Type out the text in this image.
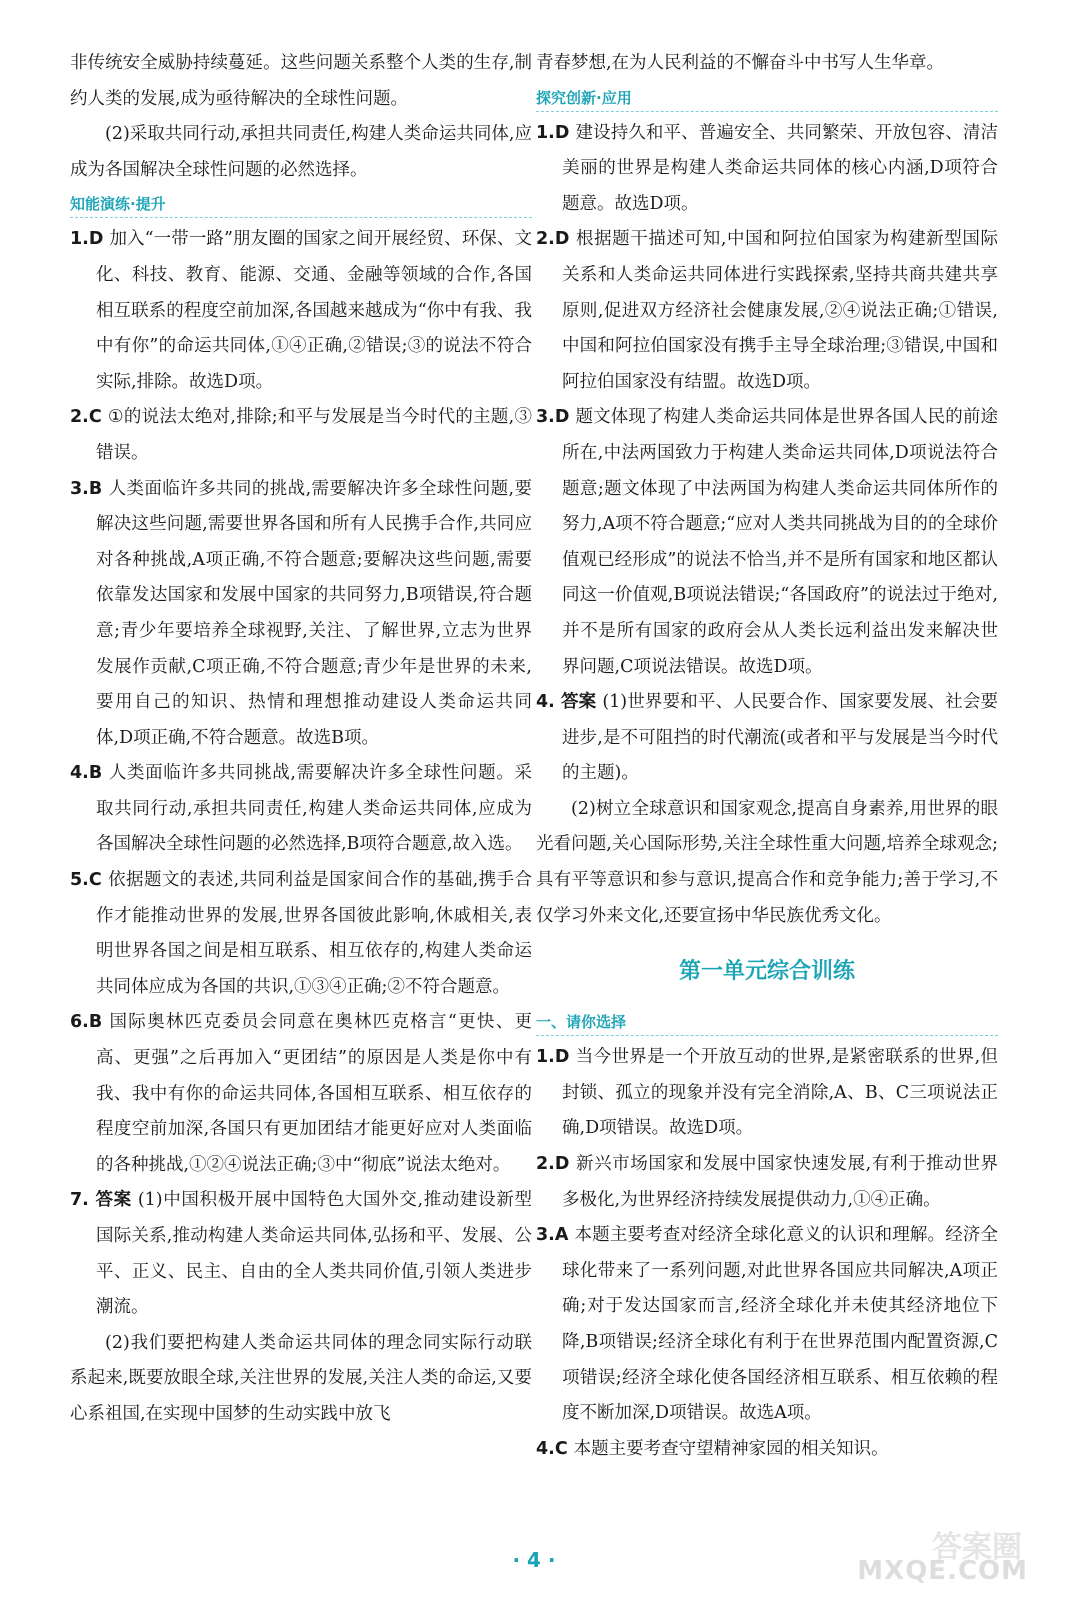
非传统安全威胁持续蔓延。这些问题关系整个人类的生存,制约人类的发展,成为亟待解决的全球性问题。
(2)采取共同行动,承担共同责任,构建人类命运共同体,应成为各国解决全球性问题的必然选择。
知能演练·提升
1.D 加入“一带一路”朋友圈的国家之间开展经贸、环保、文化、科技、教育、能源、交通、金融等领域的合作,各国相互联系的程度空前加深,各国越来越成为“你中有我、我中有你”的命运共同体,①④正确,②错误;③的说法不符合实际,排除。故选D项。
2.C ①的说法太绝对,排除;和平与发展是当今时代的主题,③错误。
3.B 人类面临许多共同的挑战,需要解决许多全球性问题,要解决这些问题,需要世界各国和所有人民携手合作,共同应对各种挑战,A项正确,不符合题意;要解决这些问题,需要依靠发达国家和发展中国家的共同努力,B项错误,符合题意;青少年要培养全球视野,关注、了解世界,立志为世界发展作贡献,C项正确,不符合题意;青少年是世界的未来,要用自己的知识、热情和理想推动建设人类命运共同体,D项正确,不符合题意。故选B项。
4.B 人类面临许多共同挑战,需要解决许多全球性问题。采取共同行动,承担共同责任,构建人类命运共同体,应成为各国解决全球性问题的必然选择,B项符合题意,故入选。
5.C 依据题文的表述,共同利益是国家间合作的基础,携手合作才能推动世界的发展,世界各国彼此影响,休戚相关,表明世界各国之间是相互联系、相互依存的,构建人类命运共同体应成为各国的共识,①③④正确;②不符合题意。
6.B 国际奥林匹克委员会同意在奥林匹克格言“更快、更高、更强”之后再加入“更团结”的原因是人类是你中有我、我中有你的命运共同体,各国相互联系、相互依存的程度空前加深,各国只有更加团结才能更好应对人类面临的各种挑战,①②④说法正确;③中“彻底”说法太绝对。
7. 答案 (1)中国积极开展中国特色大国外交,推动建设新型国际关系,推动构建人类命运共同体,弘扬和平、发展、公平、正义、民主、自由的全人类共同价值,引领人类进步潮流。
(2)我们要把构建人类命运共同体的理念同实际行动联系起来,既要放眼全球,关注世界的发展,关注人类的命运,又要心系祖国,在实现中国梦的生动实践中放飞
青春梦想,在为人民利益的不懈奋斗中书写人生华章。
探究创新·应用
1.D 建设持久和平、普遍安全、共同繁荣、开放包容、清洁美丽的世界是构建人类命运共同体的核心内涵,D项符合题意。故选D项。
2.D 根据题干描述可知,中国和阿拉伯国家为构建新型国际关系和人类命运共同体进行实践探索,坚持共商共建共享原则,促进双方经济社会健康发展,②④说法正确;①错误,中国和阿拉伯国家没有携手主导全球治理;③错误,中国和阿拉伯国家没有结盟。故选D项。
3.D 题文体现了构建人类命运共同体是世界各国人民的前途所在,中法两国致力于构建人类命运共同体,D项说法符合题意;题文体现了中法两国为构建人类命运共同体所作的努力,A项不符合题意;“应对人类共同挑战为目的的全球价值观已经形成”的说法不恰当,并不是所有国家和地区都认同这一价值观,B项说法错误;“各国政府”的说法过于绝对,并不是所有国家的政府会从人类长远利益出发来解决世界问题,C项说法错误。故选D项。
4. 答案 (1)世界要和平、人民要合作、国家要发展、社会要进步,是不可阻挡的时代潮流(或者和平与发展是当今时代的主题)。
(2)树立全球意识和国家观念,提高自身素养,用世界的眼光看问题,关心国际形势,关注全球性重大问题,培养全球观念;具有平等意识和参与意识,提高合作和竞争能力;善于学习,不仅学习外来文化,还要宣扬中华民族优秀文化。
第一单元综合训练
一、请你选择
1.D 当今世界是一个开放互动的世界,是紧密联系的世界,但封锁、孤立的现象并没有完全消除,A、B、C三项说法正确,D项错误。故选D项。
2.D 新兴市场国家和发展中国家快速发展,有利于推动世界多极化,为世界经济持续发展提供动力,①④正确。
3.A 本题主要考查对经济全球化意义的认识和理解。经济全球化带来了一系列问题,对此世界各国应共同解决,A项正确;对于发达国家而言,经济全球化并未使其经济地位下降,B项错误;经济全球化有利于在世界范围内配置资源,C项错误;经济全球化使各国经济相互联系、相互依赖的程度不断加深,D项错误。故选A项。
4.C 本题主要考查守望精神家园的相关知识。
· 4 ·	答案圈
MXQE.COM
